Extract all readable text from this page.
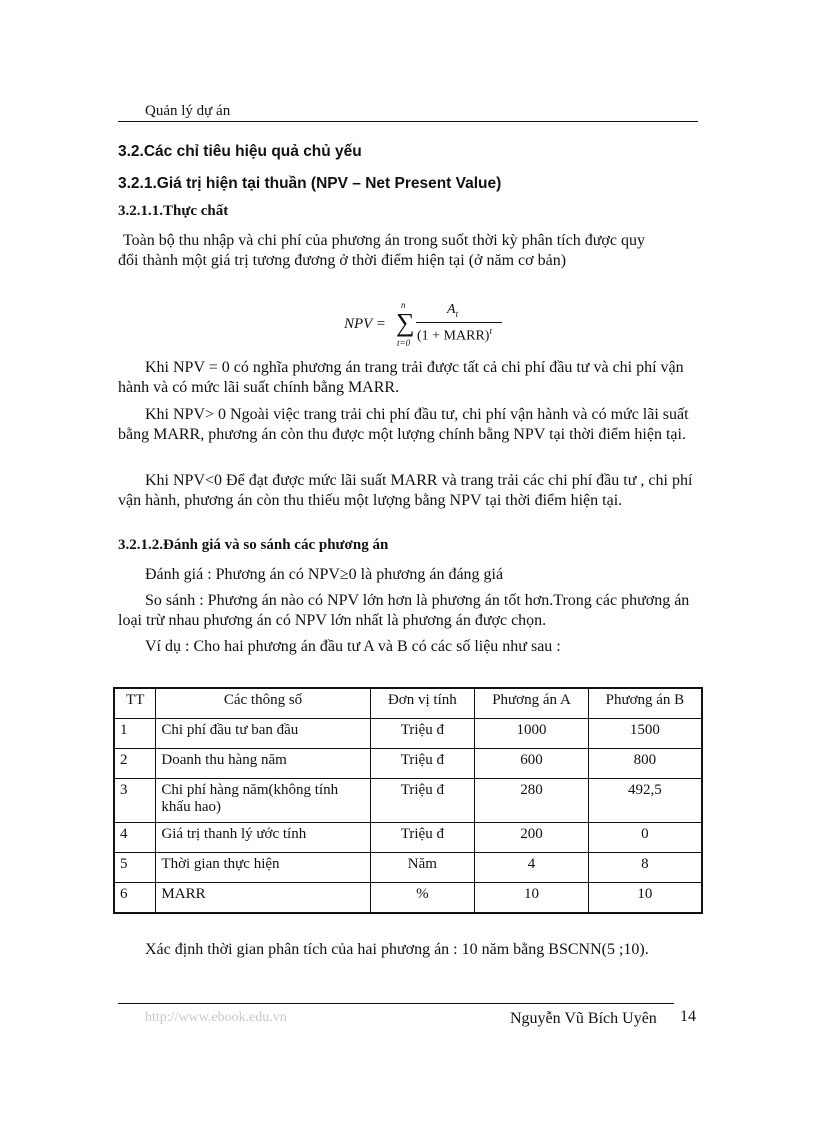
Quản lý dự án
3.2.Các chỉ tiêu hiệu quả chủ yếu
3.2.1.Giá trị hiện tại thuần (NPV – Net Present Value)
3.2.1.1.Thực chất
Toàn bộ thu nhập và chi phí của phương án trong suốt thời kỳ phân tích được quy
đổi thành một giá trị tương đương ở thời điểm hiện tại (ở năm cơ bản)
NPV =
n
∑
t=0
$A_t$
(1 + MARR)$^t$
Khi NPV = 0 có nghĩa phương án trang trải được tất cả chi phí đầu tư và chi phí vận hành và có mức lãi suất chính bằng MARR.
Khi NPV> 0 Ngoài việc trang trải chi phí đầu tư, chi phí vận hành và có mức lãi suất bằng MARR, phương án còn thu được một lượng chính bằng NPV tại thời điểm hiện tại.
Khi NPV<0 Để đạt được mức lãi suất MARR và trang trải các chi phí đầu tư , chi phí vận hành, phương án còn thu thiếu một lượng bằng NPV tại thời điểm hiện tại.
3.2.1.2.Đánh giá và so sánh các phương án
Đánh giá : Phương án có NPV≥0 là phương án đáng giá
So sánh : Phương án nào có NPV lớn hơn là phương án tốt hơn.Trong các phương án loại trừ nhau phương án có NPV lớn nhất là phương án được chọn.
Ví dụ : Cho hai phương án đầu tư A và B có các số liệu như sau :
TT	Các thông số	Đơn vị tính	Phương án A	Phương án B
1	Chi phí đầu tư ban đầu	Triệu đ	1000	1500
2	Doanh thu hàng năm	Triệu đ	600	800
3	Chi phí hàng năm(không tính khấu hao)	Triệu đ	280	492,5
4	Giá trị thanh lý ước tính	Triệu đ	200	0
5	Thời gian thực hiện	Năm	4	8
6	MARR	%	10	10
Xác định thời gian phân tích của hai phương án : 10 năm bằng BSCNN(5 ;10).
http://www.ebook.edu.vn	Nguyễn Vũ Bích Uyên 14
